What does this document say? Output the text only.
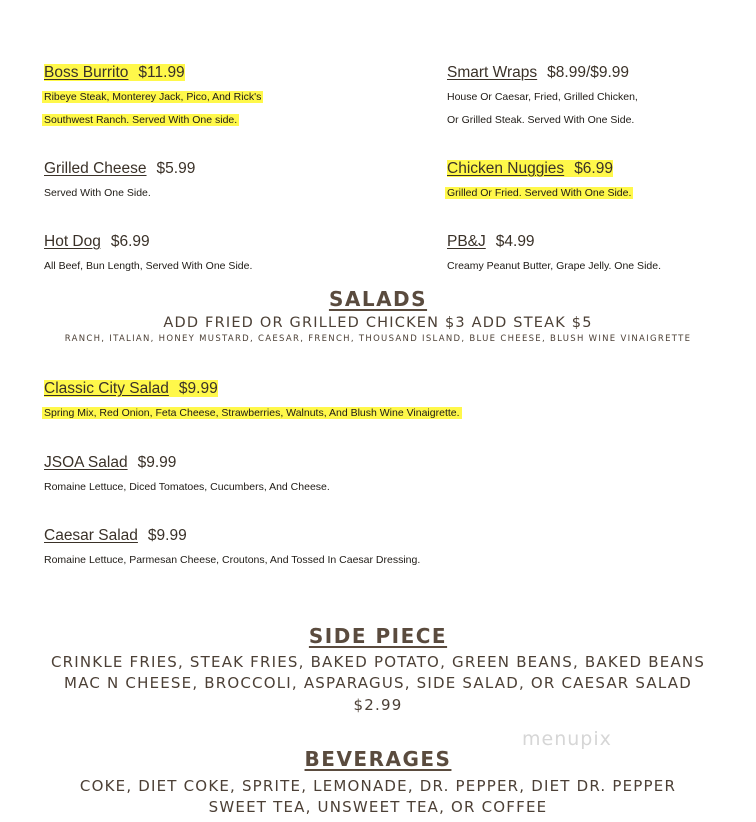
Boss Burrito $11.99
Ribeye Steak, Monterey Jack, Pico, And Rick's
Southwest Ranch. Served With One side.
Smart Wraps $8.99/$9.99
House Or Caesar, Fried, Grilled Chicken,
Or Grilled Steak. Served With One Side.
Grilled Cheese $5.99
Served With One Side.
Chicken Nuggies $6.99
Grilled Or Fried. Served With One Side.
Hot Dog $6.99
All Beef, Bun Length, Served With One Side.
PB&J $4.99
Creamy Peanut Butter, Grape Jelly. One Side.
SALADS
ADD FRIED OR GRILLED CHICKEN $3 ADD STEAK $5
RANCH, ITALIAN, HONEY MUSTARD, CAESAR, FRENCH, THOUSAND ISLAND, BLUE CHEESE, BLUSH WINE VINAIGRETTE
Classic City Salad $9.99
Spring Mix, Red Onion, Feta Cheese, Strawberries, Walnuts, And Blush Wine Vinaigrette.
JSOA Salad $9.99
Romaine Lettuce, Diced Tomatoes, Cucumbers, And Cheese.
Caesar Salad $9.99
Romaine Lettuce, Parmesan Cheese, Croutons, And Tossed In Caesar Dressing.
SIDE PIECE
CRINKLE FRIES, STEAK FRIES, BAKED POTATO, GREEN BEANS, BAKED BEANS
MAC N CHEESE, BROCCOLI, ASPARAGUS, SIDE SALAD, OR CAESAR SALAD
$2.99
menupix
BEVERAGES
COKE, DIET COKE, SPRITE, LEMONADE, DR. PEPPER, DIET DR. PEPPER
SWEET TEA, UNSWEET TEA, OR COFFEE
